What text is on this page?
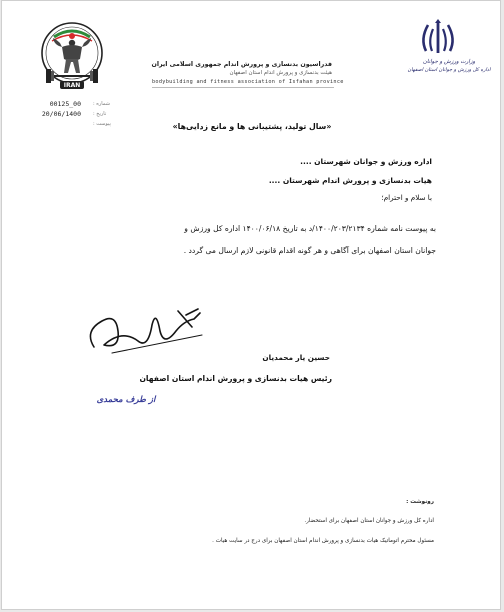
IRAN
فدراسیون بدنسازی و پرورش اندام جمهوری اسلامی ایران
هیئت بدنسازی و پرورش اندام استان اصفهان
bodybuilding and fitness association of Isfahan province
وزارت ورزش و جوانان
اداره کل ورزش و جوانان استان اصفهان
00125_00 شماره :
20/06/1400 تاریخ :
پیوست :	«سال تولید، پشتیبانی ها و مانع زدایی‌ها»
اداره ورزش و جوانان شهرستان ....
هیات بدنسازی و پرورش اندام شهرستان ....
با سلام و احترام؛
به پیوست نامه شماره ۱۴۰۰/۲۰۳/۲۱۳۴/د به تاریخ ۱۴۰۰/۰۶/۱۸ اداره کل ورزش و
جوانان استان اصفهان برای آگاهی و هر گونه اقدام قانونی لازم ارسال می گردد .
حسین یار محمدیان
رئیس هیات بدنسازی و پرورش اندام استان اصفهان
از طرف محمدی
رونوشت :
اداره کل ورزش و جوانان استان اصفهان برای استحضار.
مسئول محترم اتوماتیک هیات بدنسازی و پرورش اندام استان اصفهان برای درج در سایت هیات .
